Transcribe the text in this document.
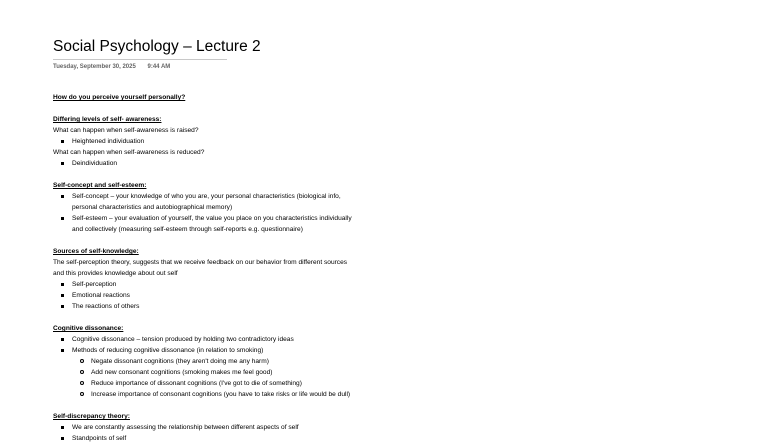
Social Psychology – Lecture 2
Tuesday, September 30, 2025 9:44 AM
How do you perceive yourself personally?
Differing levels of self- awareness:
What can happen when self-awareness is raised?
Heightened individuation
What can happen when self-awareness is reduced?
Deindividuation
Self-concept and self-esteem:
Self-concept – your knowledge of who you are, your personal characteristics (biological info,
personal characteristics and autobiographical memory)
Self-esteem – your evaluation of yourself, the value you place on you characteristics individually
and collectively (measuring self-esteem through self-reports e.g. questionnaire)
Sources of self-knowledge:
The self-perception theory, suggests that we receive feedback on our behavior from different sources
and this provides knowledge about out self
Self-perception
Emotional reactions
The reactions of others
Cognitive dissonance:
Cognitive dissonance – tension produced by holding two contradictory ideas
Methods of reducing cognitive dissonance (in relation to smoking)
Negate dissonant cognitions (they aren't doing me any harm)
Add new consonant cognitions (smoking makes me feel good)
Reduce importance of dissonant cognitions (I've got to die of something)
Increase importance of consonant cognitions (you have to take risks or life would be dull)
Self-discrepancy theory:
We are constantly assessing the relationship between different aspects of self
Standpoints of self
